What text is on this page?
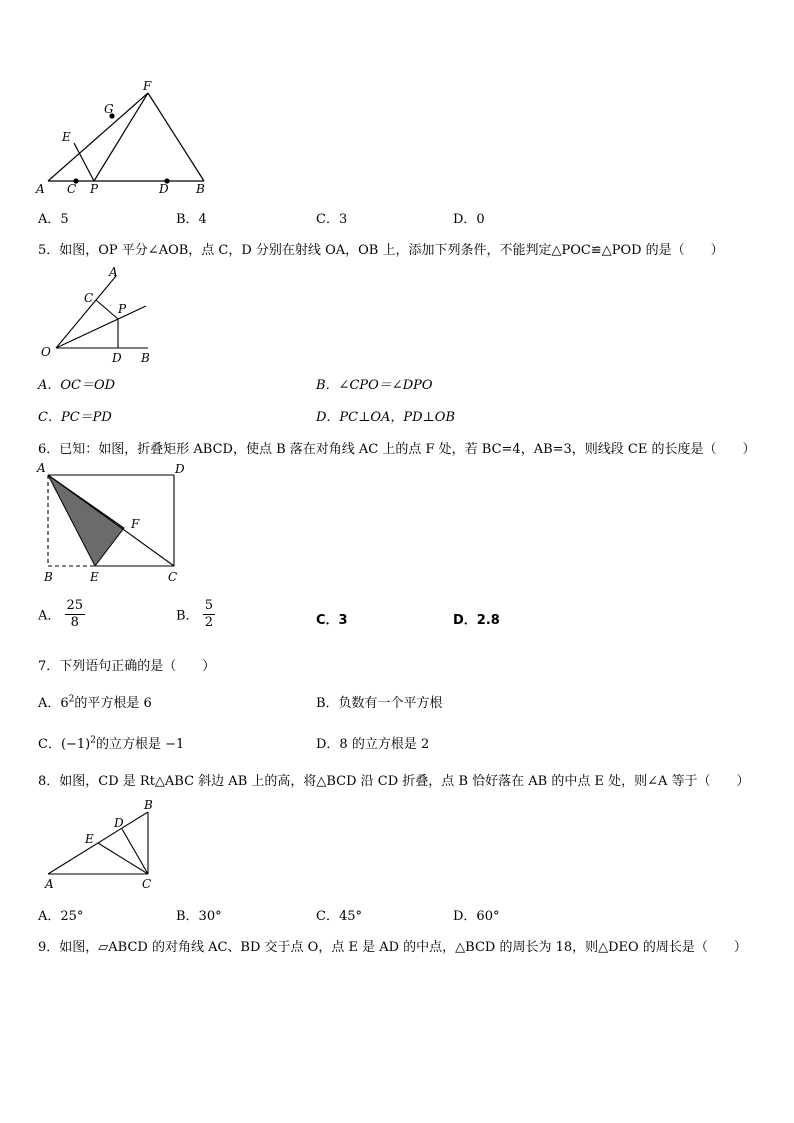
A C P	D B
E
G
F
A．5	B．4	C．3	D．0
5．如图，OP 平分∠AOB，点 C，D 分别在射线 OA，OB 上，添加下列条件，不能判定△POC≌△POD 的是（　　）
A
C
P
O	D B
A．OC＝OD	B．∠CPO＝∠DPO
C．PC＝PD	D．PC⊥OA，PD⊥OB
6．已知：如图，折叠矩形 ABCD，使点 B 落在对角线 AC 上的点 F 处，若 BC=4，AB=3，则线段 CE 的长度是（　　）
A	D
F
B	E	C
A． $\frac{25}{8}$	B． $\frac{5}{2}$	C．3	D．2.8
7．下列语句正确的是（　　）
A．$6^2$的平方根是 6	B．负数有一个平方根
C．$(-1)^2$的立方根是 −1	D．8 的立方根是 2
8．如图，CD 是 Rt△ABC 斜边 AB 上的高，将△BCD 沿 CD 折叠，点 B 恰好落在 AB 的中点 E 处，则∠A 等于（　　）
B
D
E
A	C
A．25°	B．30°	C．45°	D．60°
9．如图，▱ABCD 的对角线 AC、BD 交于点 O，点 E 是 AD 的中点，△BCD 的周长为 18，则△DEO 的周长是（　　）
